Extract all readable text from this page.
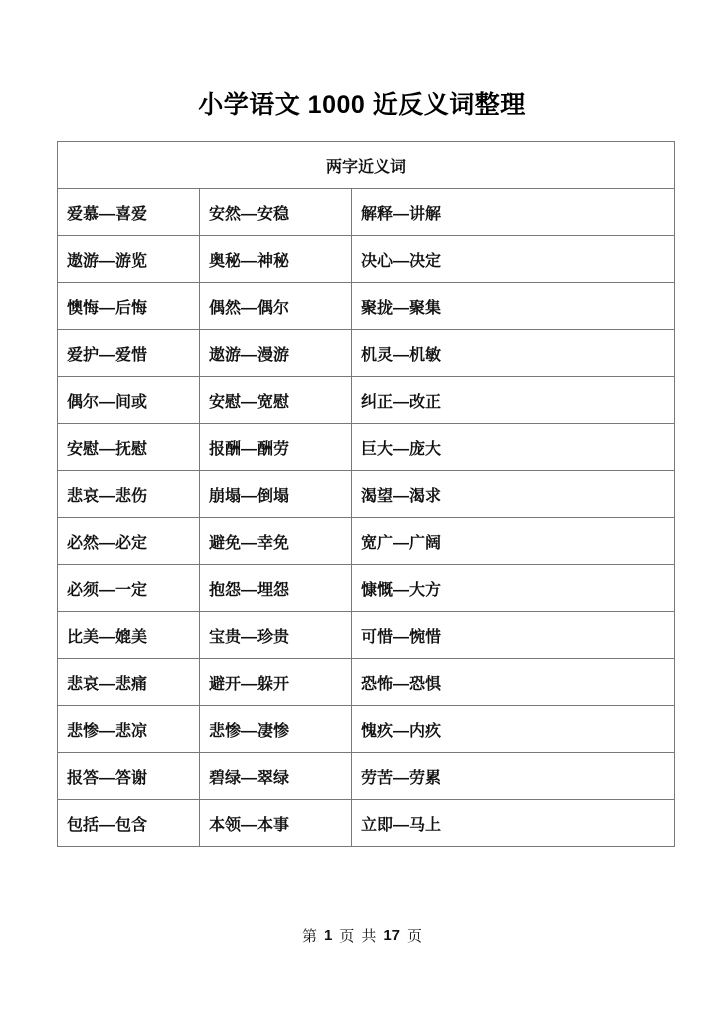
小学语文 1000 近反义词整理
两字近义词		
爱慕—喜爱	安然—安稳	解释—讲解
遨游—游览	奥秘—神秘	决心—决定
懊悔—后悔	偶然—偶尔	聚拢—聚集
爱护—爱惜	遨游—漫游	机灵—机敏
偶尔—间或	安慰—宽慰	纠正—改正
安慰—抚慰	报酬—酬劳	巨大—庞大
悲哀—悲伤	崩塌—倒塌	渴望—渴求
必然—必定	避免—幸免	宽广—广阔
必须—一定	抱怨—埋怨	慷慨—大方
比美—媲美	宝贵—珍贵	可惜—惋惜
悲哀—悲痛	避开—躲开	恐怖—恐惧
悲惨—悲凉	悲惨—凄惨	愧疚—内疚
报答—答谢	碧绿—翠绿	劳苦—劳累
包括—包含	本领—本事	立即—马上
第 1 页 共 17 页
